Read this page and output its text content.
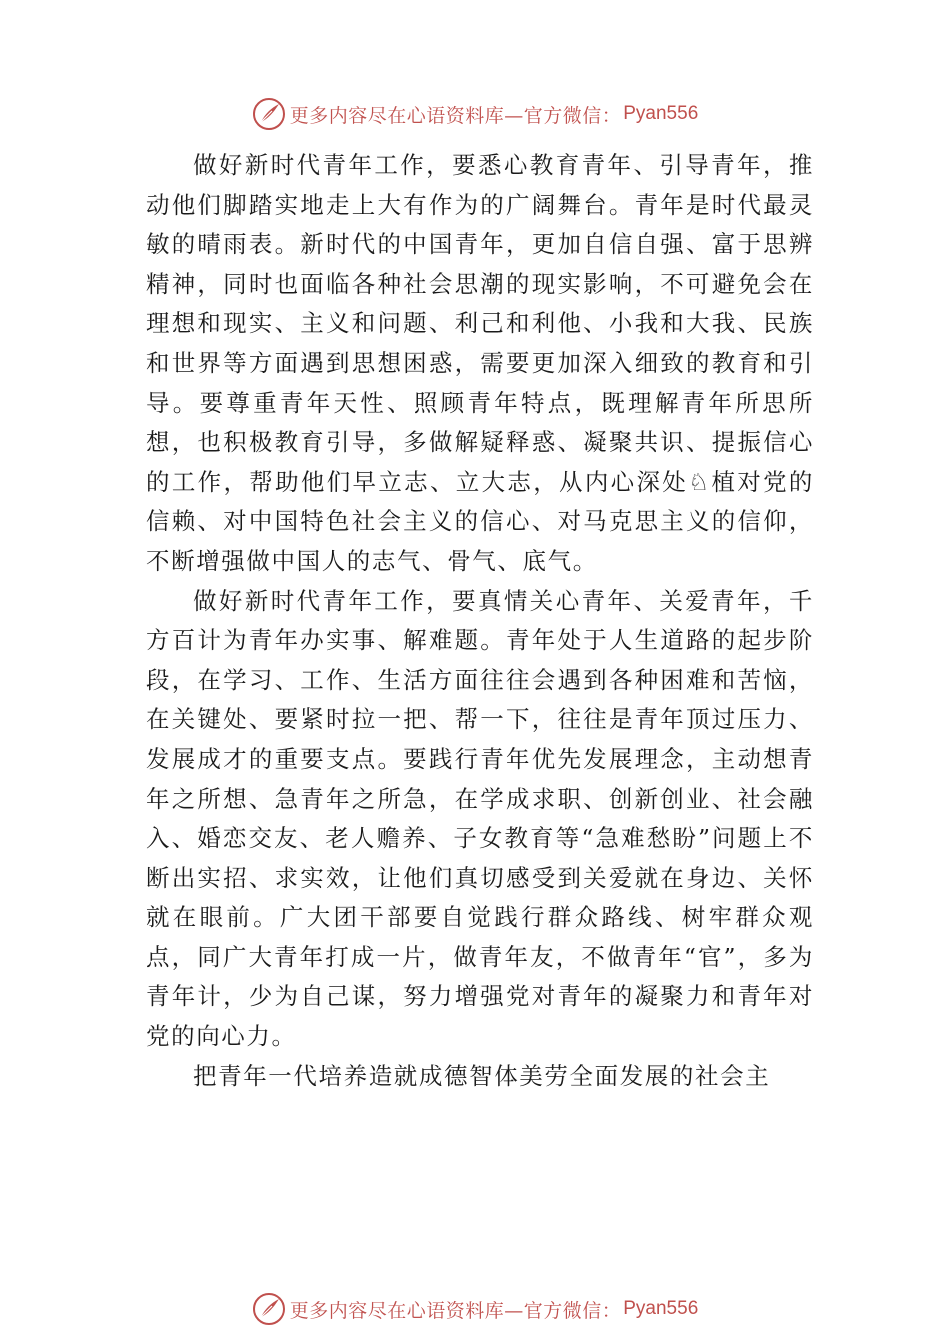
更多内容尽在心语资料库—官方微信： Pyan556

做好新时代青年工作，要悉心教育青年、引导青年，推动他们脚踏实地走上大有作为的广阔舞台。青年是时代最灵敏的晴雨表。新时代的中国青年，更加自信自强、富于思辨精神，同时也面临各种社会思潮的现实影响，不可避免会在理想和现实、主义和问题、利己和利他、小我和大我、民族和世界等方面遇到思想困惑，需要更加深入细致的教育和引导。要尊重青年天性、照顾青年特点，既理解青年所思所想，也积极教育引导，多做解疑释惑、凝聚共识、提振信心的工作，帮助他们早立志、立大志，从内心深处♘植对党的信赖、对中国特色社会主义的信心、对马克思主义的信仰，不断增强做中国人的志气、骨气、底气。

做好新时代青年工作，要真情关心青年、关爱青年，千方百计为青年办实事、解难题。青年处于人生道路的起步阶段，在学习、工作、生活方面往往会遇到各种困难和苦恼，在关键处、要紧时拉一把、帮一下，往往是青年顶过压力、发展成才的重要支点。要践行青年优先发展理念，主动想青年之所想、急青年之所急，在学成求职、创新创业、社会融入、婚恋交友、老人赡养、子女教育等“急难愁盼”问题上不断出实招、求实效，让他们真切感受到关爱就在身边、关怀就在眼前。广大团干部要自觉践行群众路线、树牢群众观点，同广大青年打成一片，做青年友，不做青年“官”，多为青年计，少为自己谋，努力增强党对青年的凝聚力和青年对党的向心力。

把青年一代培养造就成德智体美劳全面发展的社会主

更多内容尽在心语资料库—官方微信： Pyan556
